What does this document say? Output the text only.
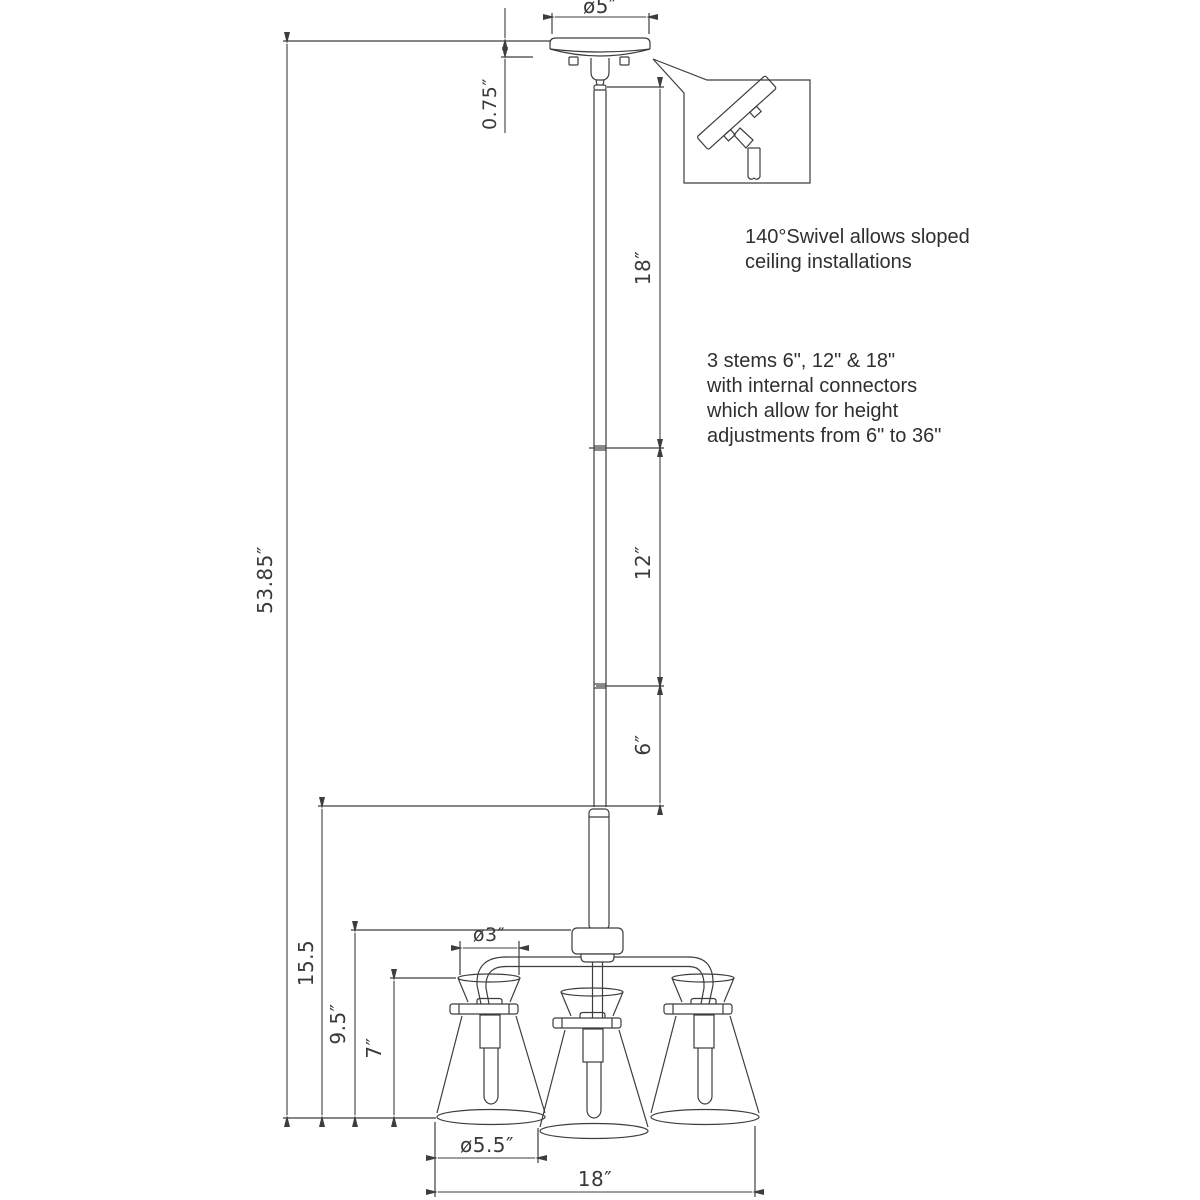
ø5″
0.75″
18″
12″
6″
53.85″
15.5
9.5″
7″
ø3″
ø5.5″
18″
140°Swivel allows sloped
ceiling installations
3 stems 6", 12" & 18"
with internal connectors
which allow for height
adjustments from 6" to 36"
